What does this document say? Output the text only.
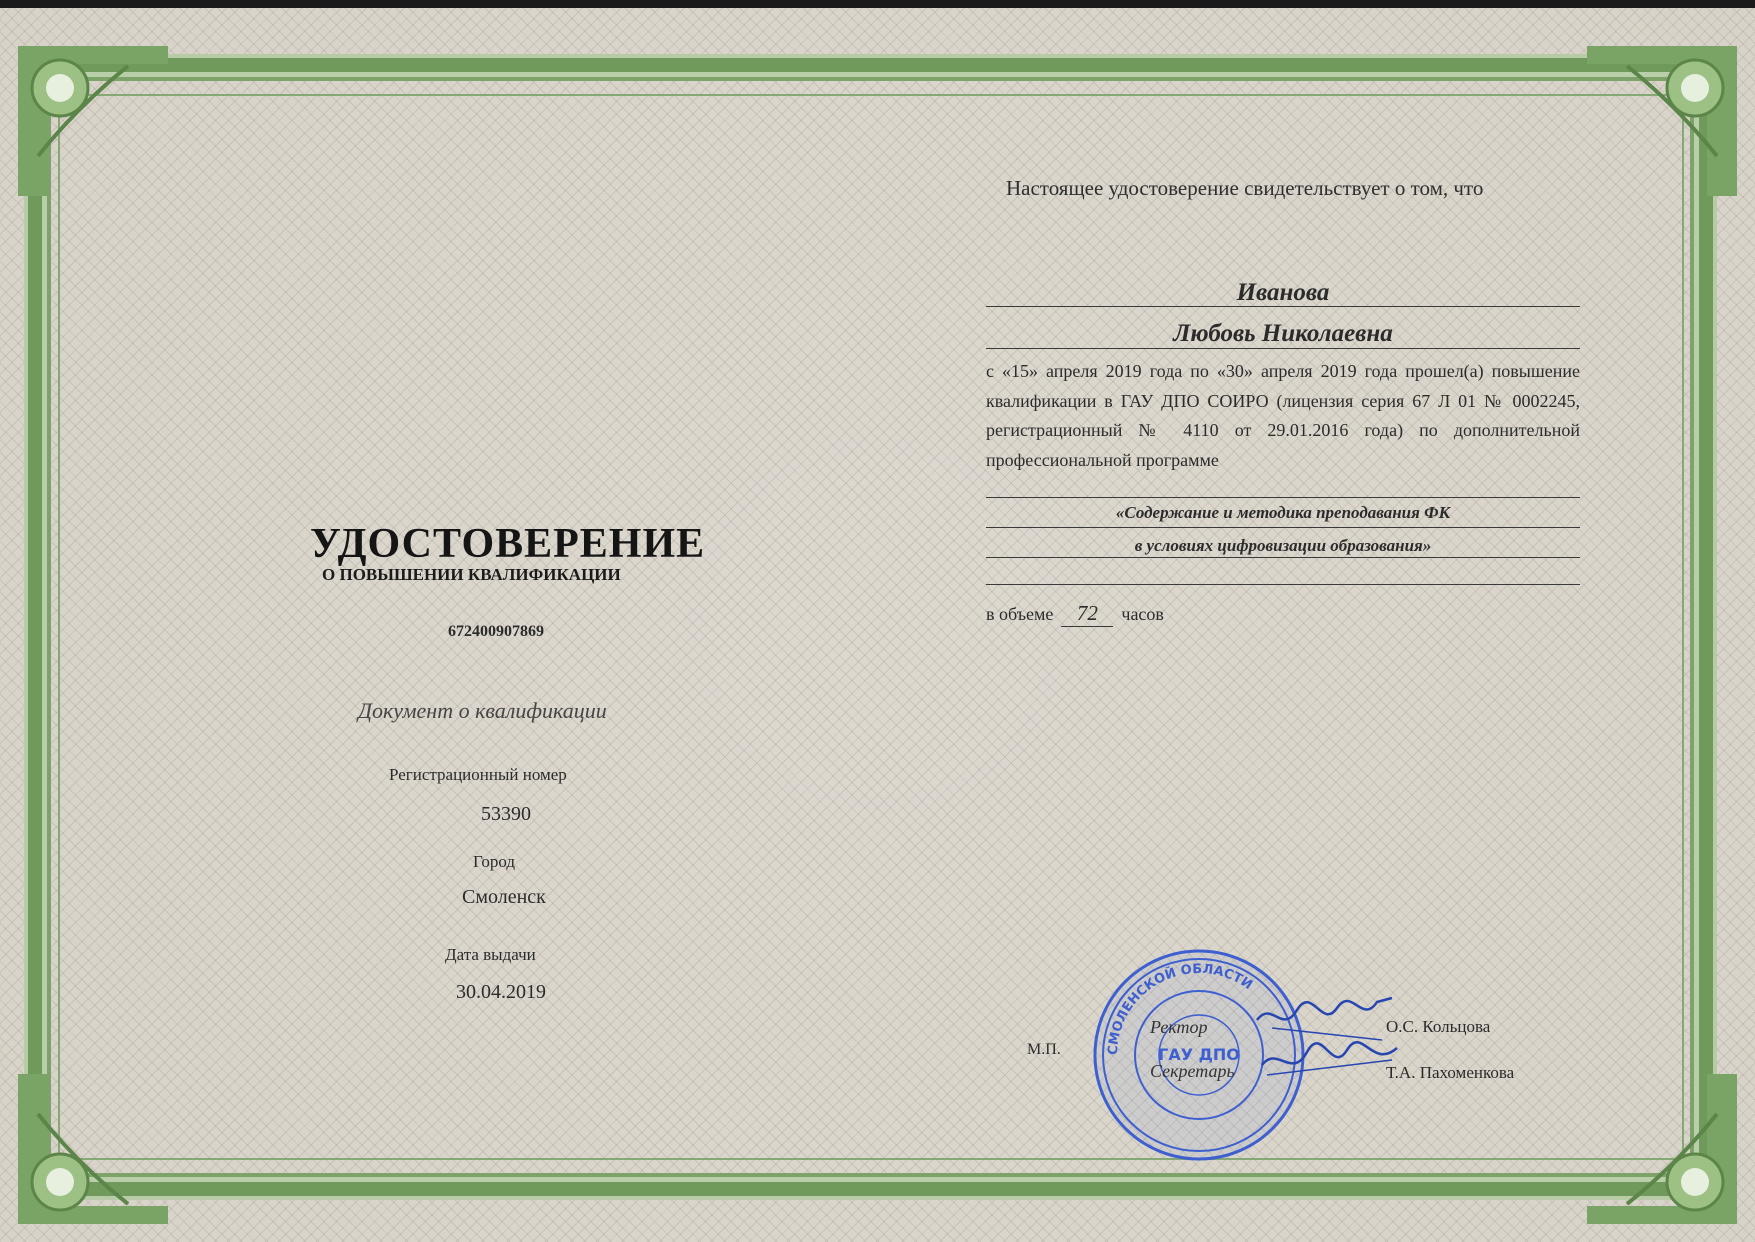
УДОСТОВЕРЕНИЕ
О ПОВЫШЕНИИ КВАЛИФИКАЦИИ
672400907869
Документ о квалификации
Регистрационный номер
53390
Город
Смоленск
Дата выдачи
30.04.2019
Настоящее удостоверение свидетельствует о том, что
Иванова
Любовь Николаевна
с «15» апреля 2019 года по «30» апреля 2019 года прошел(а) повышение квалификации в ГАУ ДПО СОИРО (лицензия серия 67 Л 01 № 0002245, регистрационный № 4110 от 29.01.2016 года) по дополнительной профессиональной программе
«Содержание и методика преподавания ФК
в условиях цифровизации образования»
в объеме 72 часов
СМОЛЕНСКОЙ ОБЛАСТИ
ГАУ ДПО
М.П.
Ректор	О.С. Кольцова
Секретарь	Т.А. Пахоменкова
